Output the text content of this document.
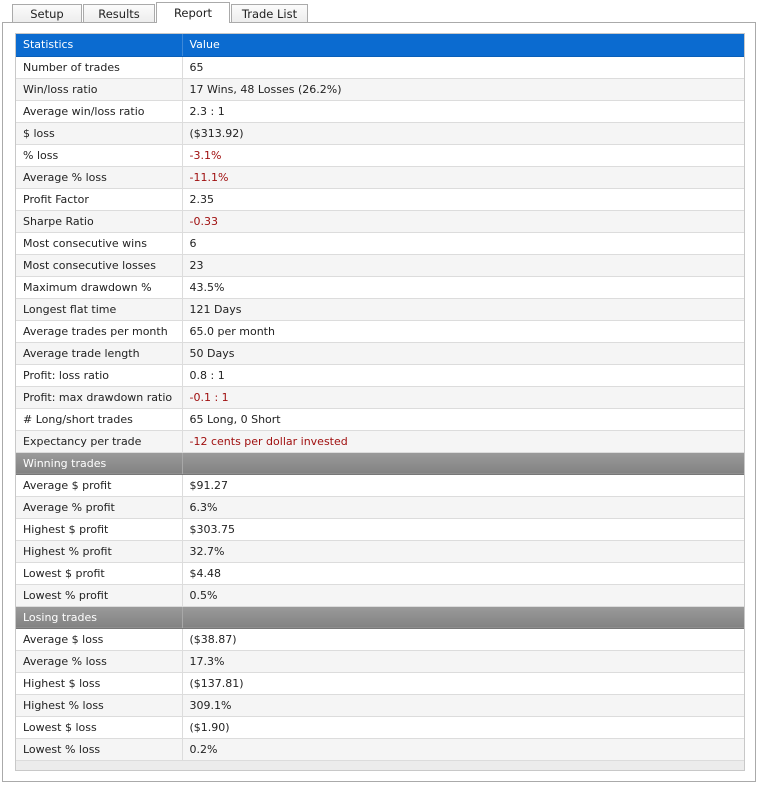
Setup	Results	Report	Trade List
Statistics	Value
Number of trades	65
Win/loss ratio	17 Wins, 48 Losses (26.2%)
Average win/loss ratio	2.3 : 1
$ loss	($313.92)
% loss	-3.1%
Average % loss	-11.1%
Profit Factor	2.35
Sharpe Ratio	-0.33
Most consecutive wins	6
Most consecutive losses	23
Maximum drawdown %	43.5%
Longest flat time	121 Days
Average trades per month	65.0 per month
Average trade length	50 Days
Profit: loss ratio	0.8 : 1
Profit: max drawdown ratio	-0.1 : 1
# Long/short trades	65 Long, 0 Short
Expectancy per trade	-12 cents per dollar invested
Winning trades	
Average $ profit	$91.27
Average % profit	6.3%
Highest $ profit	$303.75
Highest % profit	32.7%
Lowest $ profit	$4.48
Lowest % profit	0.5%
Losing trades	
Average $ loss	($38.87)
Average % loss	17.3%
Highest $ loss	($137.81)
Highest % loss	309.1%
Lowest $ loss	($1.90)
Lowest % loss	0.2%
